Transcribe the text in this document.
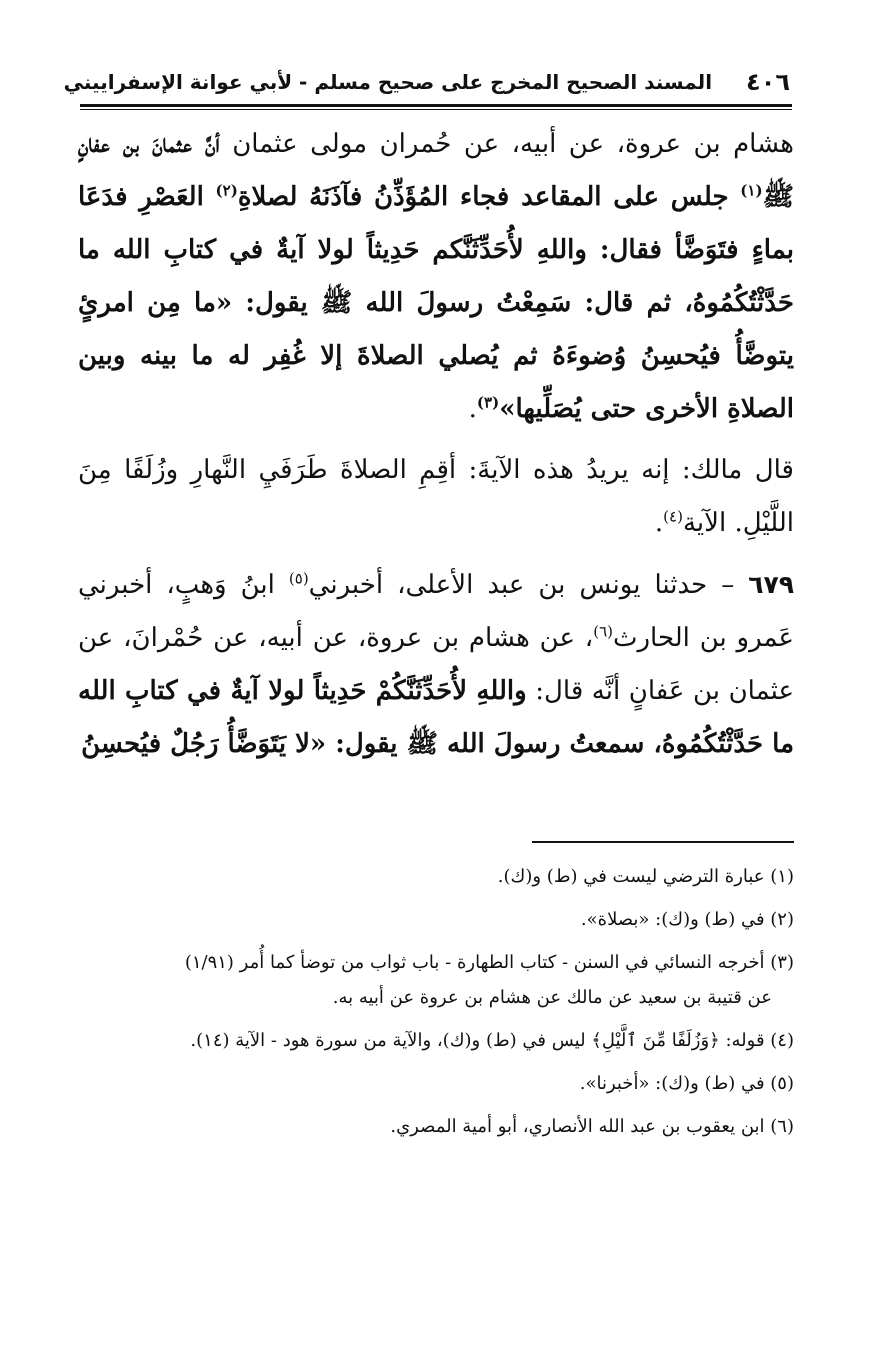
٤٠٦
المسند الصحيح المخرج على صحيح مسلم - لأبي عوانة الإسفراييني

هشام بن عروة، عن أبيه، عن حُمران مولى عثمان أنَّ عثمانَ بن عفانٍ ﷺ$^{(١)}$ جلس على المقاعد فجاء المُؤَذِّنُ فآذَنَهُ لصلاةِ$^{(٢)}$ العَصْرِ فدَعَا بماءٍ فتَوَضَّأ فقال: واللهِ لأُحَدِّثَنَّكم حَدِيثاً لولا آيةٌ في كتابِ الله ما حَدَّثْتُكُمُوهُ، ثم قال: سَمِعْتُ رسولَ الله ﷺ يقول: «ما مِن امرئٍ يتوضَّأُ فيُحسِنُ وُضوءَهُ ثم يُصلي الصلاةَ إلا غُفِر له ما بينه وبين الصلاةِ الأخرى حتى يُصَلِّيها»$^{(٣)}$.

قال مالك: إنه يريدُ هذه الآيةَ: أقِمِ الصلاةَ طَرَفَيِ النَّهارِ وزُلَفًا مِنَ اللَّيْلِ. الآية$^{(٤)}$.

٦٧٩ – حدثنا يونس بن عبد الأعلى، أخبرني$^{(٥)}$ ابنُ وَهبٍ، أخبرني عَمرو بن الحارث$^{(٦)}$، عن هشام بن عروة، عن أبيه، عن حُمْرانَ، عن عثمان بن عَفانٍ أنَّه قال: واللهِ لأُحَدِّثَنَّكُمْ حَدِيثاً لولا آيةٌ في كتابِ الله ما حَدَّثْتُكُمُوهُ، سمعتُ رسولَ الله ﷺ يقول: «لا يَتَوَضَّأُ رَجُلٌ فيُحسِنُ

(١) عبارة الترضي ليست في (ط) و(ك).

(٢) في (ط) و(ك): «بصلاة».

(٣) أخرجه النسائي في السنن - كتاب الطهارة - باب ثواب من توضأ كما أُمر (١/٩١)

عن قتيبة بن سعيد عن مالك عن هشام بن عروة عن أبيه به.

(٤) قوله: ﴿وَزُلَفًا مِّنَ ٱلَّيْلِ﴾ ليس في (ط) و(ك)، والآية من سورة هود - الآية (١٤).

(٥) في (ط) و(ك): «أخبرنا».

(٦) ابن يعقوب بن عبد الله الأنصاري، أبو أمية المصري.
